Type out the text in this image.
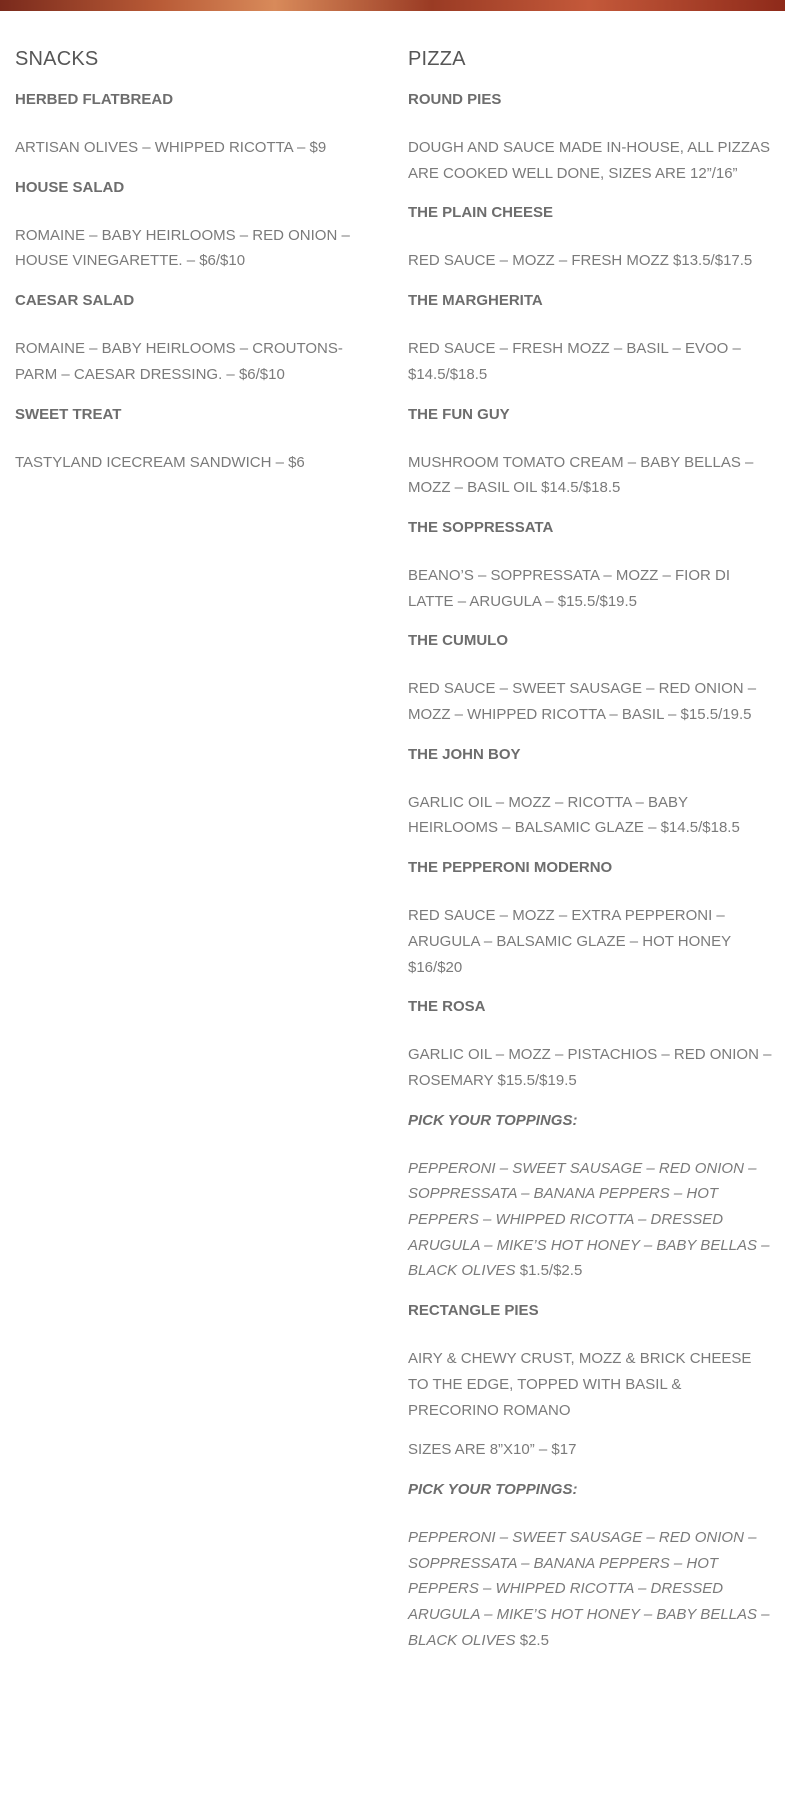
SNACKS
HERBED FLATBREAD
ARTISAN OLIVES – WHIPPED RICOTTA – $9
HOUSE SALAD
ROMAINE – BABY HEIRLOOMS – RED ONION – HOUSE VINEGARETTE. – $6/$10
CAESAR SALAD
ROMAINE – BABY HEIRLOOMS – CROUTONS- PARM – CAESAR DRESSING. – $6/$10
SWEET TREAT
TASTYLAND ICECREAM SANDWICH – $6
PIZZA
ROUND PIES
DOUGH AND SAUCE MADE IN-HOUSE, ALL PIZZAS ARE COOKED WELL DONE, SIZES ARE 12”/16”
THE PLAIN CHEESE
RED SAUCE – MOZZ – FRESH MOZZ $13.5/$17.5
THE MARGHERITA
RED SAUCE – FRESH MOZZ – BASIL – EVOO – $14.5/$18.5
THE FUN GUY
MUSHROOM TOMATO CREAM – BABY BELLAS – MOZZ – BASIL OIL $14.5/$18.5
THE SOPPRESSATA
BEANO’S – SOPPRESSATA – MOZZ – FIOR DI LATTE – ARUGULA – $15.5/$19.5
THE CUMULO
RED SAUCE – SWEET SAUSAGE – RED ONION – MOZZ – WHIPPED RICOTTA – BASIL – $15.5/19.5
THE JOHN BOY
GARLIC OIL – MOZZ – RICOTTA – BABY HEIRLOOMS – BALSAMIC GLAZE – $14.5/$18.5
THE PEPPERONI MODERNO
RED SAUCE – MOZZ – EXTRA PEPPERONI – ARUGULA – BALSAMIC GLAZE – HOT HONEY $16/$20
THE ROSA
GARLIC OIL – MOZZ – PISTACHIOS – RED ONION – ROSEMARY $15.5/$19.5
PICK YOUR TOPPINGS:
PEPPERONI – SWEET SAUSAGE – RED ONION – SOPPRESSATA – BANANA PEPPERS – HOT PEPPERS – WHIPPED RICOTTA – DRESSED ARUGULA – MIKE’S HOT HONEY – BABY BELLAS – BLACK OLIVES $1.5/$2.5
RECTANGLE PIES
AIRY & CHEWY CRUST, MOZZ & BRICK CHEESE TO THE EDGE, TOPPED WITH BASIL & PRECORINO ROMANO
SIZES ARE 8”X10” – $17
PICK YOUR TOPPINGS:
PEPPERONI – SWEET SAUSAGE – RED ONION – SOPPRESSATA – BANANA PEPPERS – HOT PEPPERS – WHIPPED RICOTTA – DRESSED ARUGULA – MIKE’S HOT HONEY – BABY BELLAS – BLACK OLIVES $2.5
